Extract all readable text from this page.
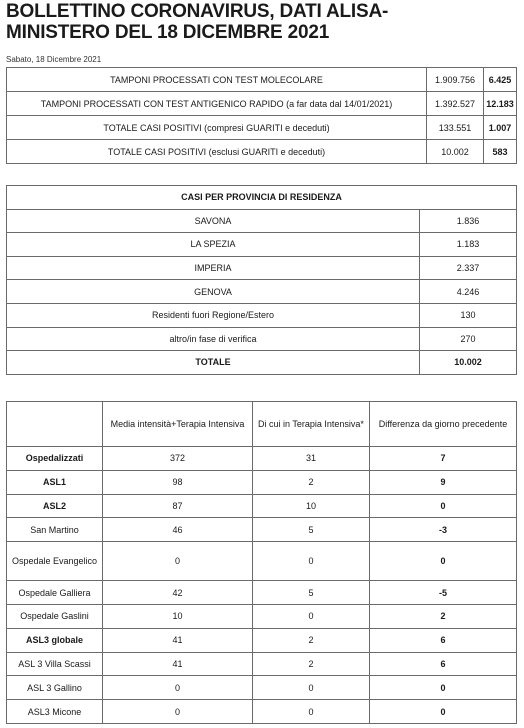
BOLLETTINO CORONAVIRUS, DATI ALISA-
MINISTERO DEL 18 DICEMBRE 2021
Sabato, 18 Dicembre 2021
TAMPONI PROCESSATI CON TEST MOLECOLARE	1.909.756	6.425
TAMPONI PROCESSATI CON TEST ANTIGENICO RAPIDO (a far data dal 14/01/2021)	1.392.527	12.183
TOTALE CASI POSITIVI (compresi GUARITI e deceduti)	133.551	1.007
TOTALE CASI POSITIVI (esclusi GUARITI e deceduti)	10.002	583
CASI PER PROVINCIA DI RESIDENZA	
SAVONA	1.836
LA SPEZIA	1.183
IMPERIA	2.337
GENOVA	4.246
Residenti fuori Regione/Estero	130
altro/in fase di verifica	270
TOTALE	10.002
	Media intensità+Terapia Intensiva	Di cui in Terapia Intensiva*	Differenza da giorno precedente
Ospedalizzati	372	31	7
ASL1	98	2	9
ASL2	87	10	0
San Martino	46	5	-3
Ospedale Evangelico	0	0	0
Ospedale Galliera	42	5	-5
Ospedale Gaslini	10	0	2
ASL3 globale	41	2	6
ASL 3 Villa Scassi	41	2	6
ASL 3 Gallino	0	0	0
ASL3 Micone	0	0	0
